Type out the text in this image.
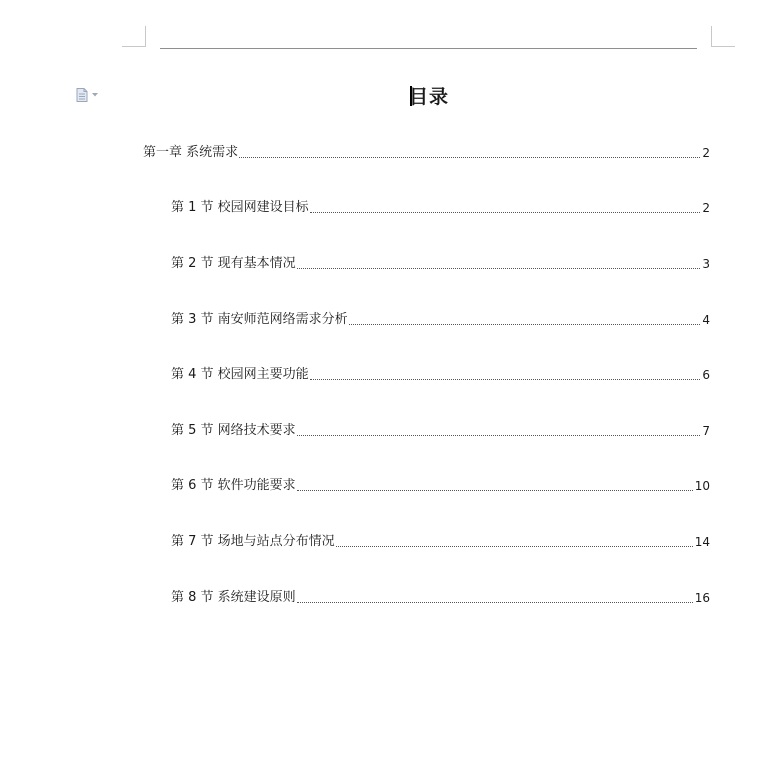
目录
第一章 系统需求	2
第 1 节 校园网建设目标	2
第 2 节 现有基本情况	3
第 3 节 南安师范网络需求分析	4
第 4 节 校园网主要功能	6
第 5 节 网络技术要求	7
第 6 节 软件功能要求	10
第 7 节 场地与站点分布情况	14
第 8 节 系统建设原则	16
